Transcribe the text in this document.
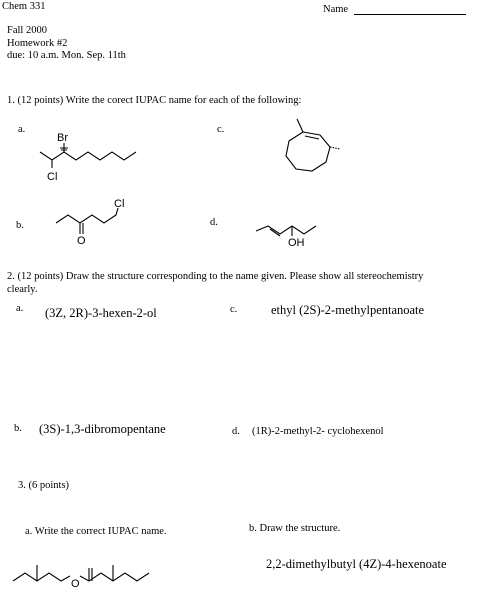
Chem 331	Name
Fall 2000
Homework #2
due: 10 a.m. Mon. Sep. 11th
1. (12 points) Write the corect IUPAC name for each of the following:
a.
b.
c.
d.
Br
Cl
O
Cl
OH
2. (12 points) Draw the structure corresponding to the name given. Please show all stereochemistry
clearly.
a. (3Z, 2R)-3-hexen-2-ol	c.	ethyl (2S)-2-methylpentanoate
b. (3S)-1,3-dibromopentane	d. (1R)-2-methyl-2- cyclohexenol
3. (6 points)
a. Write the correct IUPAC name.	b. Draw the structure.
2,2-dimethylbutyl (4Z)-4-hexenoate
O
